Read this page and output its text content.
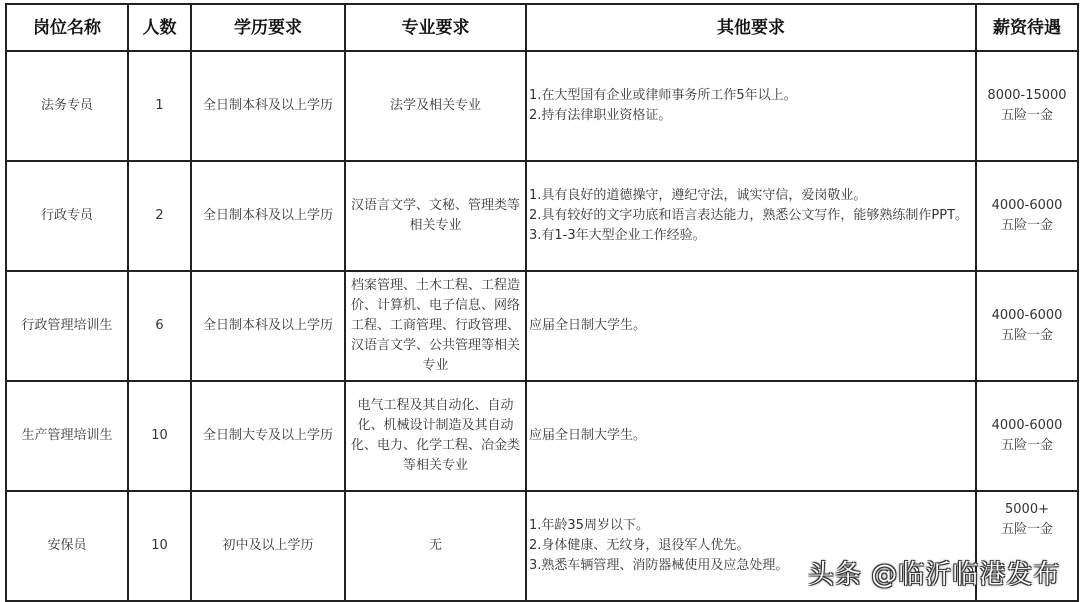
岗位名称	人数	学历要求	专业要求	其他要求	薪资待遇
法务专员	1	全日制本科及以上学历	法学及相关专业	1.在大型国有企业或律师事务所工作5年以上。
2.持有法律职业资格证。	8000-15000
五险一金

行政专员	2	全日制本科及以上学历	汉语言文学、文秘、管理类等相关专业	1.具有良好的道德操守，遵纪守法，诚实守信，爱岗敬业。
2.具有较好的文字功底和语言表达能力，熟悉公文写作，能够熟练制作PPT。
3.有1-3年大型企业工作经验。	4000-6000
五险一金

行政管理培训生	6	全日制本科及以上学历	档案管理、土木工程、工程造价、计算机、电子信息、网络工程、工商管理、行政管理、汉语言文学、公共管理等相关专业	应届全日制大学生。	4000-6000
五险一金

生产管理培训生	10	全日制大专及以上学历	电气工程及其自动化、自动化、机械设计制造及其自动化、电力、化学工程、冶金类等相关专业	应届全日制大学生。	4000-6000
五险一金

安保员	10	初中及以上学历	无	1.年龄35周岁以下。
2.身体健康、无纹身，退役军人优先。
3.熟悉车辆管理、消防器械使用及应急处理。	5000+
五险一金
头条 @临沂临港发布
